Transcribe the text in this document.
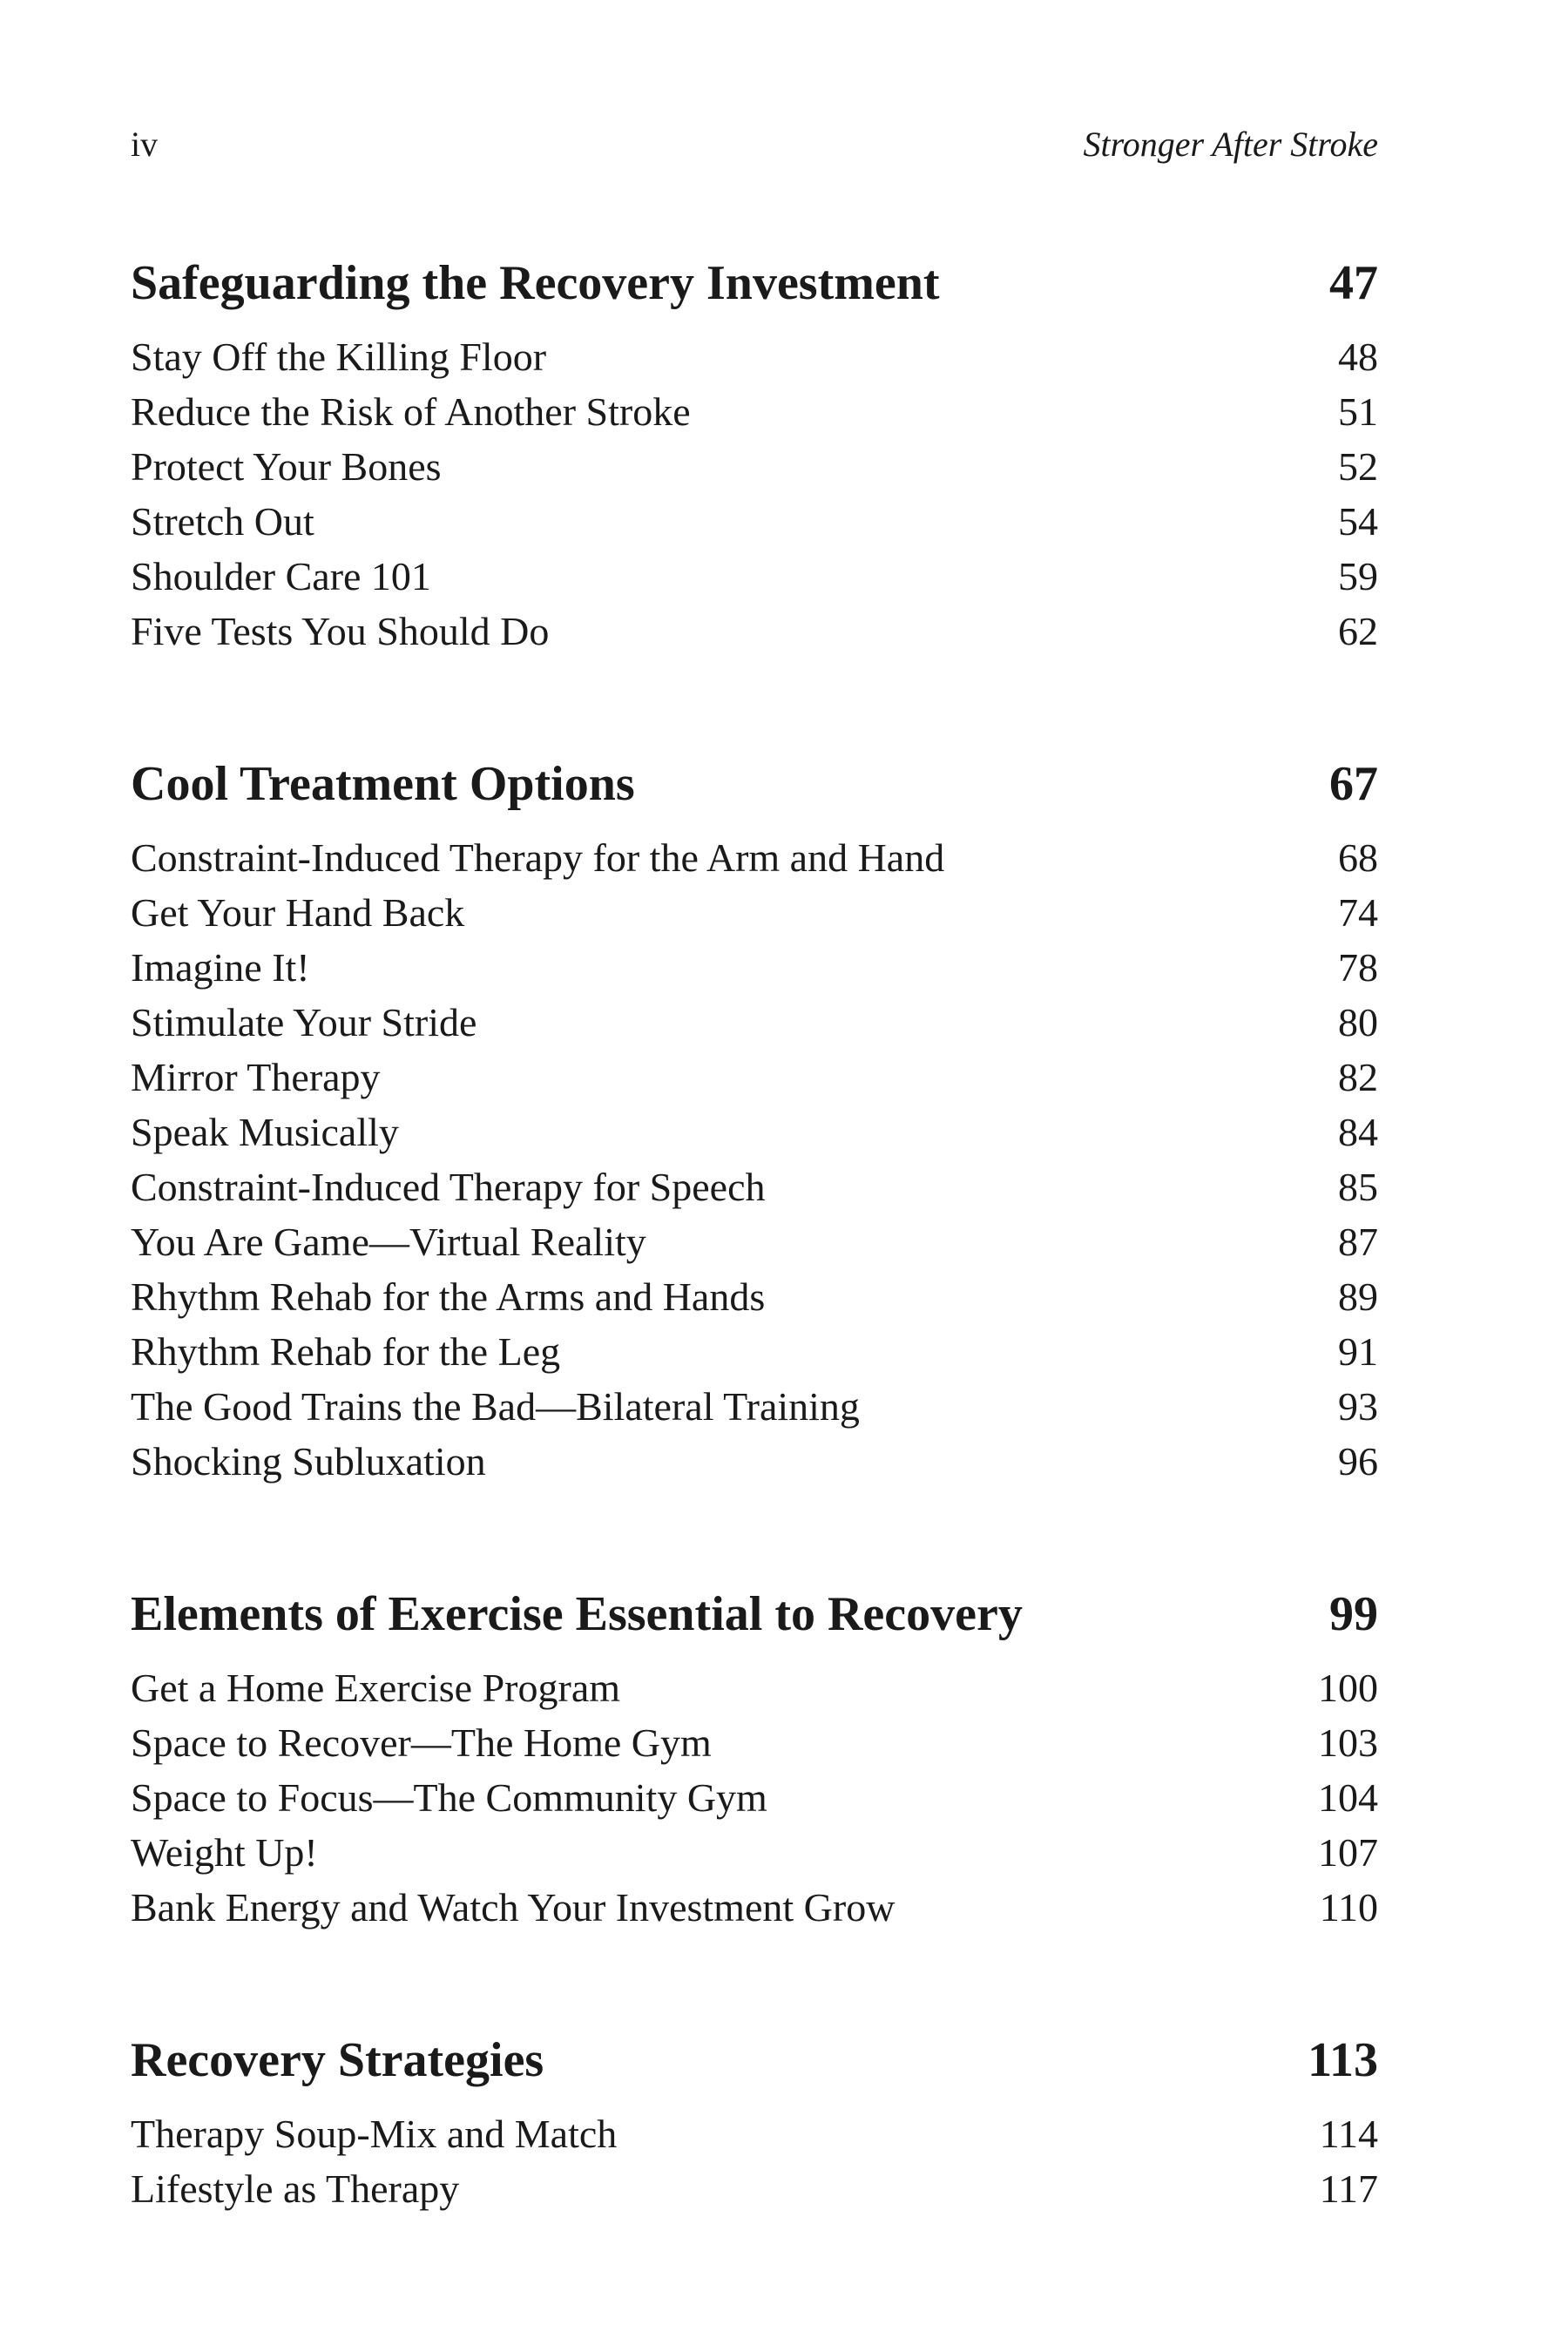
iv	Stronger After Stroke
Safeguarding the Recovery Investment	47
Stay Off the Killing Floor	48
Reduce the Risk of Another Stroke	51
Protect Your Bones	52
Stretch Out	54
Shoulder Care 101	59
Five Tests You Should Do	62
Cool Treatment Options	67
Constraint-Induced Therapy for the Arm and Hand	68
Get Your Hand Back	74
Imagine It!	78
Stimulate Your Stride	80
Mirror Therapy	82
Speak Musically	84
Constraint-Induced Therapy for Speech	85
You Are Game—Virtual Reality	87
Rhythm Rehab for the Arms and Hands	89
Rhythm Rehab for the Leg	91
The Good Trains the Bad—Bilateral Training	93
Shocking Subluxation	96
Elements of Exercise Essential to Recovery	99
Get a Home Exercise Program	100
Space to Recover—The Home Gym	103
Space to Focus—The Community Gym	104
Weight Up!	107
Bank Energy and Watch Your Investment Grow	110
Recovery Strategies	113
Therapy Soup-Mix and Match	114
Lifestyle as Therapy	117
